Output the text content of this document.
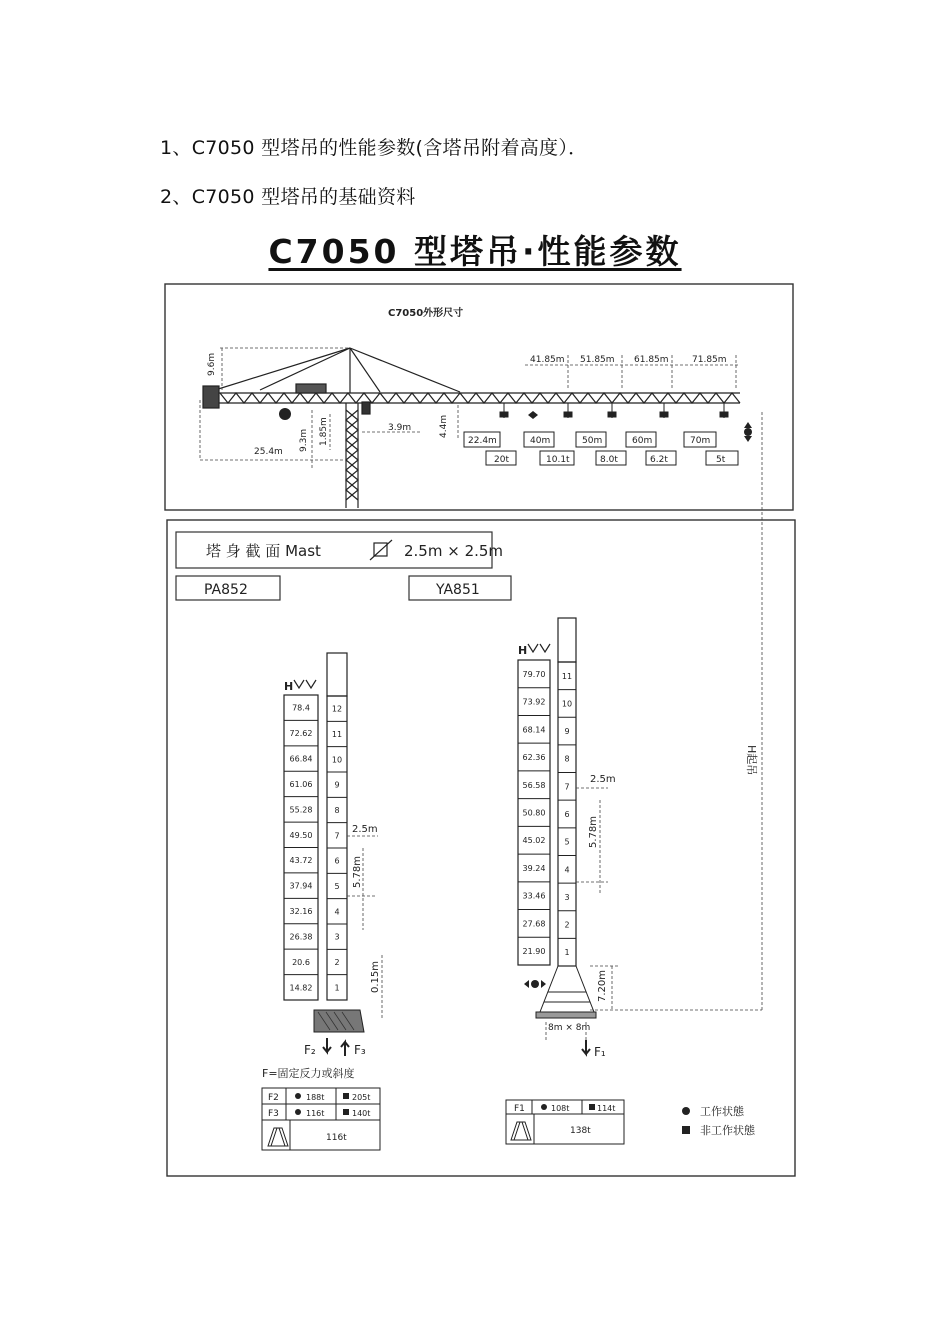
1、C7050 型塔吊的性能参数(含塔吊附着高度）．
2、C7050 型塔吊的基础资料
C7050 型塔吊·性能参数
C7050外形尺寸
9.6m
25.4m 9.3m 1.85m	3.9m	4.4m
41.85m 51.85m 61.85m	71.85m
22.4m
20t
40m
10.1t
50m
8.0t
60m
6.2t
70m
5t
塔 身 截 面 Mast	2.5m × 2.5m
PA852	YA851
H
78.4
72.62
66.84
61.06
55.28
49.50
43.72
37.94
32.16
26.38
20.6
14.82
12
11
10
9
8
7
6
5
4
3
2
1
2.5m
5.78m
0.15m
F₂	F₃
F=固定反力或斜度
F2	188t	205t
F3	116t	140t
116t
H
79.70
73.92
68.14
62.36
56.58
50.80
45.02
39.24
33.46
27.68
21.90
11
10
9
8
7
6
5
4
3
2
1
2.5m
5.78m
7.20m
8m × 8m
F₁
F1	108t	114t
138t
H起吊
工作状態
非工作状態
